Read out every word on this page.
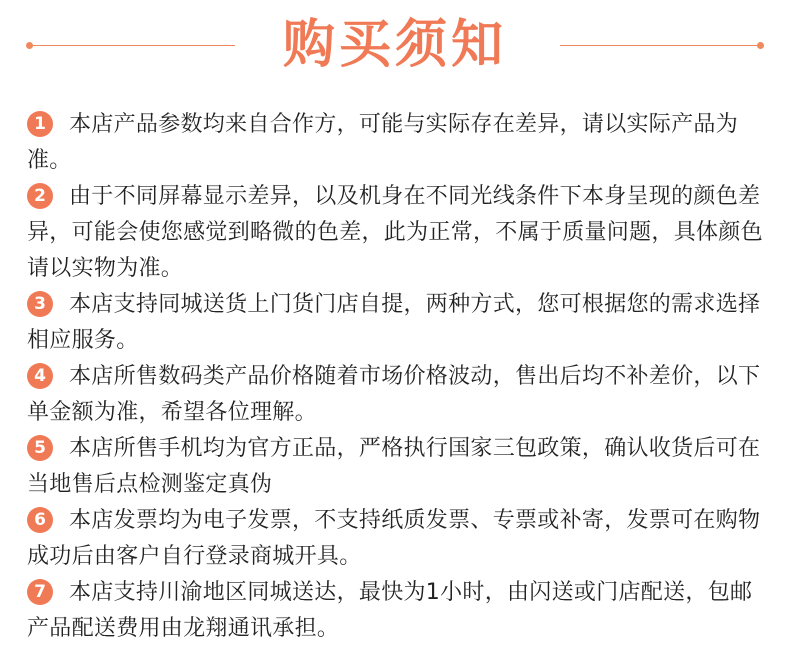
购买须知
1 本店产品参数均来自合作方，可能与实际存在差异，请以实际产品为准。
2 由于不同屏幕显示差异，以及机身在不同光线条件下本身呈现的颜色差异，可能会使您感觉到略微的色差，此为正常，不属于质量问题，具体颜色请以实物为准。
3 本店支持同城送货上门货门店自提，两种方式，您可根据您的需求选择相应服务。
4 本店所售数码类产品价格随着市场价格波动，售出后均不补差价，以下单金额为准，希望各位理解。
5 本店所售手机均为官方正品，严格执行国家三包政策，确认收货后可在当地售后点检测鉴定真伪
6 本店发票均为电子发票，不支持纸质发票、专票或补寄，发票可在购物成功后由客户自行登录商城开具。
7 本店支持川渝地区同城送达，最快为1小时，由闪送或门店配送，包邮产品配送费用由龙翔通讯承担。
